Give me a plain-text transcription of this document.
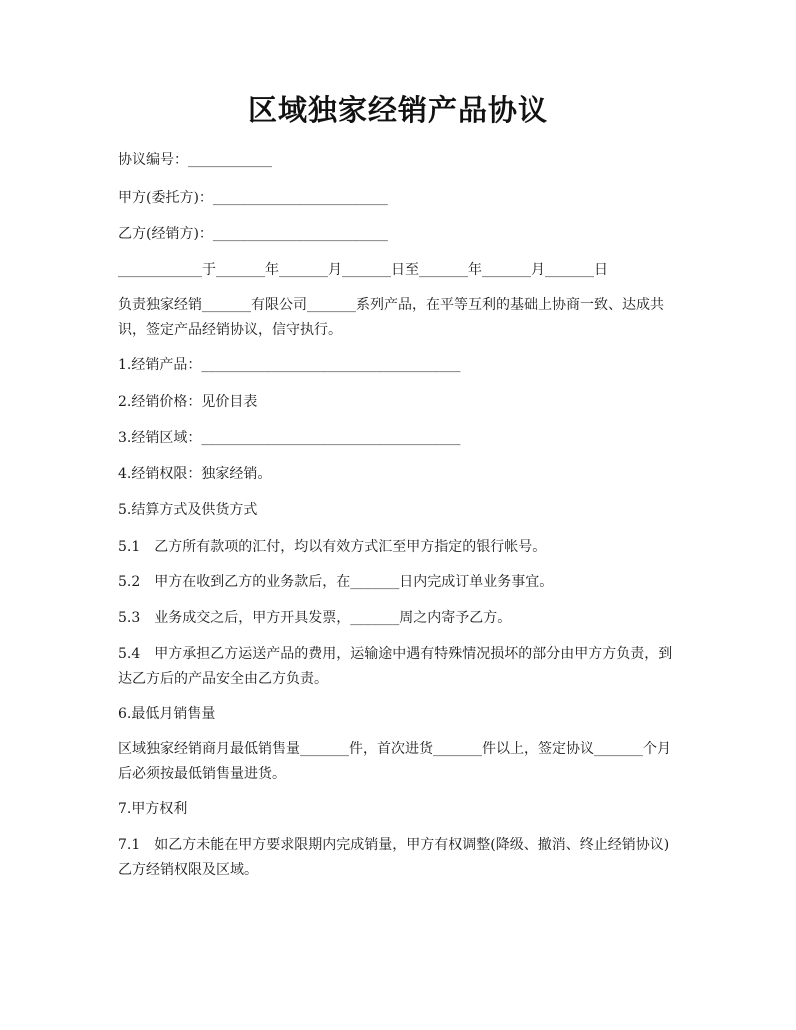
区域独家经销产品协议
协议编号：____________
甲方(委托方)：_________________________
乙方(经销方)：_________________________
____________于_______年_______月_______日至_______年_______月_______日
负责独家经销_______有限公司_______系列产品，在平等互利的基础上协商一致、达成共识，签定产品经销协议，信守执行。
1.经销产品：_____________________________________
2.经销价格：见价目表
3.经销区域：_____________________________________
4.经销权限：独家经销。
5.结算方式及供货方式
5.1　乙方所有款项的汇付，均以有效方式汇至甲方指定的银行帐号。
5.2　甲方在收到乙方的业务款后，在_______日内完成订单业务事宜。
5.3　业务成交之后，甲方开具发票，_______周之内寄予乙方。
5.4　甲方承担乙方运送产品的费用，运输途中遇有特殊情况损坏的部分由甲方方负责，到达乙方后的产品安全由乙方负责。
6.最低月销售量
区域独家经销商月最低销售量_______件，首次进货_______件以上，签定协议_______个月后必须按最低销售量进货。
7.甲方权利
7.1　如乙方未能在甲方要求限期内完成销量，甲方有权调整(降级、撤消、终止经销协议)乙方经销权限及区域。
